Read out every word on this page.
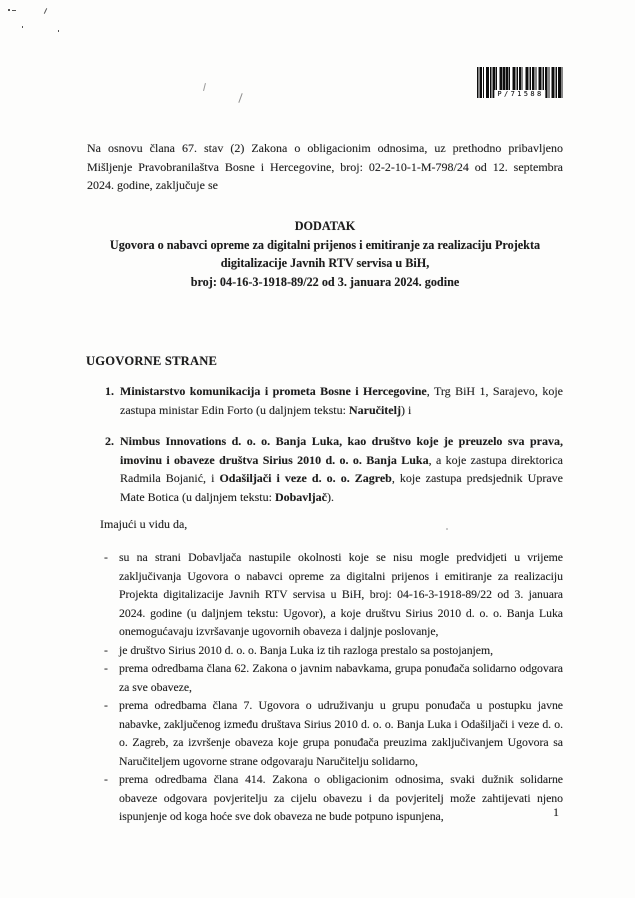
P/71588

Na osnovu člana 67. stav (2) Zakona o obligacionim odnosima, uz prethodno pribavljeno Mišljenje Pravobranilaštva Bosne i Hercegovine, broj: 02-2-10-1-M-798/24 od 12. septembra 2024. godine, zaključuje se

DODATAK
Ugovora o nabavci opreme za digitalni prijenos i emitiranje za realizaciju Projekta digitalizacije Javnih RTV servisa u BiH,
broj: 04-16-3-1918-89/22 od 3. januara 2024. godine
UGOVORNE STRANE
1. Ministarstvo komunikacija i prometa Bosne i Hercegovine, Trg BiH 1, Sarajevo, koje zastupa ministar Edin Forto (u daljnjem tekstu: Naručitelj) i
2. Nimbus Innovations d. o. o. Banja Luka, kao društvo koje je preuzelo sva prava, imovinu i obaveze društva Sirius 2010 d. o. o. Banja Luka, a koje zastupa direktorica Radmila Bojanić, i Odašiljači i veze d. o. o. Zagreb, koje zastupa predsjednik Uprave Mate Botica (u daljnjem tekstu: Dobavljač).

Imajući u vidu da,

- su na strani Dobavljača nastupile okolnosti koje se nisu mogle predvidjeti u vrijeme zaključivanja Ugovora o nabavci opreme za digitalni prijenos i emitiranje za realizaciju Projekta digitalizacije Javnih RTV servisa u BiH, broj: 04-16-3-1918-89/22 od 3. januara 2024. godine (u daljnjem tekstu: Ugovor), a koje društvu Sirius 2010 d. o. o. Banja Luka onemogućavaju izvršavanje ugovornih obaveza i daljnje poslovanje,
- je društvo Sirius 2010 d. o. o. Banja Luka iz tih razloga prestalo sa postojanjem,
- prema odredbama člana 62. Zakona o javnim nabavkama, grupa ponuđača solidarno odgovara za sve obaveze,
- prema odredbama člana 7. Ugovora o udruživanju u grupu ponuđača u postupku javne nabavke, zaključenog između društava Sirius 2010 d. o. o. Banja Luka i Odašiljači i veze d. o. o. Zagreb, za izvršenje obaveza koje grupa ponuđača preuzima zaključivanjem Ugovora sa Naručiteljem ugovorne strane odgovaraju Naručitelju solidarno,
- prema odredbama člana 414. Zakona o obligacionim odnosima, svaki dužnik solidarne obaveze odgovara povjeritelju za cijelu obavezu i da povjeritelj može zahtijevati njeno ispunjenje od koga hoće sve dok obaveza ne bude potpuno ispunjena,	1
